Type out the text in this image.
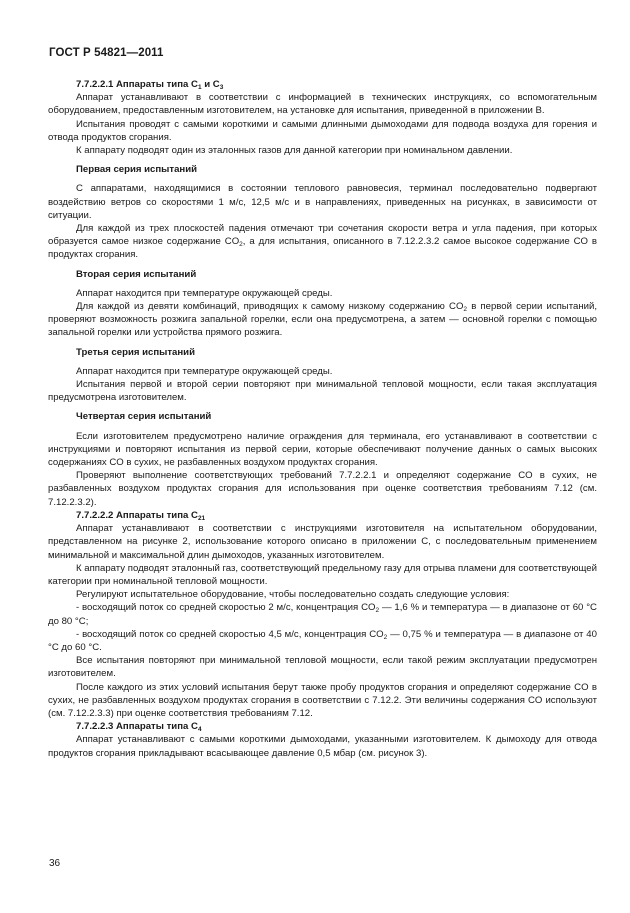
ГОСТ Р 54821—2011
7.7.2.2.1 Аппараты типа $C_1$ и $C_3$

Аппарат устанавливают в соответствии с информацией в технических инструкциях, со вспомогательным оборудованием, предоставленным изготовителем, на установке для испытания, приведенной в приложении В.

Испытания проводят с самыми короткими и самыми длинными дымоходами для подвода воздуха для горения и отвода продуктов сгорания.

К аппарату подводят один из эталонных газов для данной категории при номинальном давлении.

Первая серия испытаний

С аппаратами, находящимися в состоянии теплового равновесия, терминал последовательно подвергают воздействию ветров со скоростями 1 м/с, 12,5 м/с и в направлениях, приведенных на рисунках, в зависимости от ситуации.

Для каждой из трех плоскостей падения отмечают три сочетания скорости ветра и угла падения, при которых образуется самое низкое содержание $CO_2$, а для испытания, описанного в 7.12.2.3.2 самое высокое содержание CO в продуктах сгорания.

Вторая серия испытаний

Аппарат находится при температуре окружающей среды.

Для каждой из девяти комбинаций, приводящих к самому низкому содержанию $CO_2$ в первой серии испытаний, проверяют возможность розжига запальной горелки, если она предусмотрена, а затем — основной горелки с помощью запальной горелки или устройства прямого розжига.

Третья серия испытаний

Аппарат находится при температуре окружающей среды.

Испытания первой и второй серии повторяют при минимальной тепловой мощности, если такая эксплуатация предусмотрена изготовителем.

Четвертая серия испытаний

Если изготовителем предусмотрено наличие ограждения для терминала, его устанавливают в соответствии с инструкциями и повторяют испытания из первой серии, которые обеспечивают получение данных о самых высоких содержаниях CO в сухих, не разбавленных воздухом продуктах сгорания.

Проверяют выполнение соответствующих требований 7.7.2.2.1 и определяют содержание CO в сухих, не разбавленных воздухом продуктах сгорания для использования при оценке соответствия требованиям 7.12 (см. 7.12.2.3.2).

7.7.2.2.2 Аппараты типа $C_{21}$

Аппарат устанавливают в соответствии с инструкциями изготовителя на испытательном оборудовании, представленном на рисунке 2, использование которого описано в приложении С, с последовательным применением минимальной и максимальной длин дымоходов, указанных изготовителем.

К аппарату подводят эталонный газ, соответствующий предельному газу для отрыва пламени для соответствующей категории при номинальной тепловой мощности.

Регулируют испытательное оборудование, чтобы последовательно создать следующие условия:

- восходящий поток со средней скоростью 2 м/с, концентрация $CO_2$ — 1,6 % и температура — в диапазоне от 60 °С до 80 °С;

- восходящий поток со средней скоростью 4,5 м/с, концентрация $CO_2$ — 0,75 % и температура — в диапазоне от 40 °С до 60 °С.

Все испытания повторяют при минимальной тепловой мощности, если такой режим эксплуатации предусмотрен изготовителем.

После каждого из этих условий испытания берут также пробу продуктов сгорания и определяют содержание CO в сухих, не разбавленных воздухом продуктах сгорания в соответствии с 7.12.2. Эти величины содержания CO используют (см. 7.12.2.3.3) при оценке соответствия требованиям 7.12.

7.7.2.2.3 Аппараты типа $C_4$

Аппарат устанавливают с самыми короткими дымоходами, указанными изготовителем. К дымоходу для отвода продуктов сгорания прикладывают всасывающее давление 0,5 мбар (см. рисунок 3).

36
